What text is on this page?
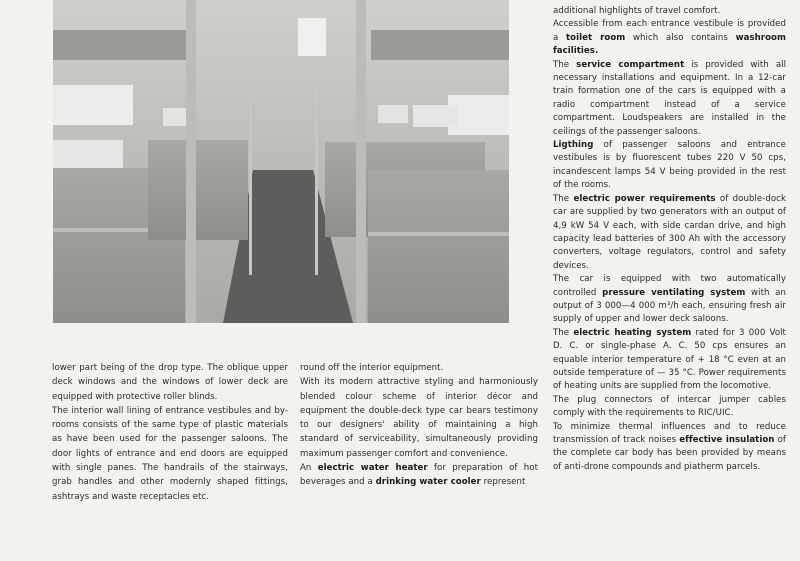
lower part being of the drop type. The oblique upper deck windows and the windows of lower deck are equipped with protective roller blinds.

The interior wall lining of entrance vestibules and by-rooms consists of the same type of plastic materials as have been used for the passenger saloons. The door lights of entrance and end doors are equipped with single panes. The handrails of the stairways, grab handles and other modernly shaped fittings, ashtrays and waste receptacles etc.

round off the interior equipment.

With its modern attractive styling and harmoniously blended colour scheme of interior décor and equipment the double-deck type car bears testimony to our designers' ability of maintaining a high standard of serviceability, simultaneously providing maximum passenger comfort and convenience.

An electric water heater for preparation of hot beverages and a drinking water cooler represent

additional highlights of travel comfort.

Accessible from each entrance vestibule is provided a toilet room which also contains washroom facilities.

The service compartment is provided with all necessary installations and equipment. In a 12-car train formation one of the cars is equipped with a radio compartment instead of a service compartment. Loudspeakers are installed in the ceilings of the passenger saloons.

Ligthing of passenger saloons and entrance vestibules is by fluorescent tubes 220 V 50 cps, incandescent lamps 54 V being provided in the rest of the rooms.

The electric power requirements of double-dock car are supplied by two generators with an output of 4,9 kW 54 V each, with side cardan drive, and high capacity lead batteries of 300 Ah with the accessory converters, voltage regulators, control and safety devices.

The car is equipped with two automatically controlled pressure ventilating system with an output of 3 000—4 000 m³/h each, ensuring fresh air supply of upper and lower deck saloons.

The electric heating system rated for 3 000 Volt D. C. or single-phase A. C. 50 cps ensures an equable interior temperature of + 18 °C even at an outside temperature of — 35 °C. Power requirements of heating units are supplied from the locomotive.

The plug connectors of intercar jumper cables comply with the requirements to RIC/UIC.

To minimize thermal influences and to reduce transmission of track noises effective insulation of the complete car body has been provided by means of anti-drone compounds and piatherm parcels.
